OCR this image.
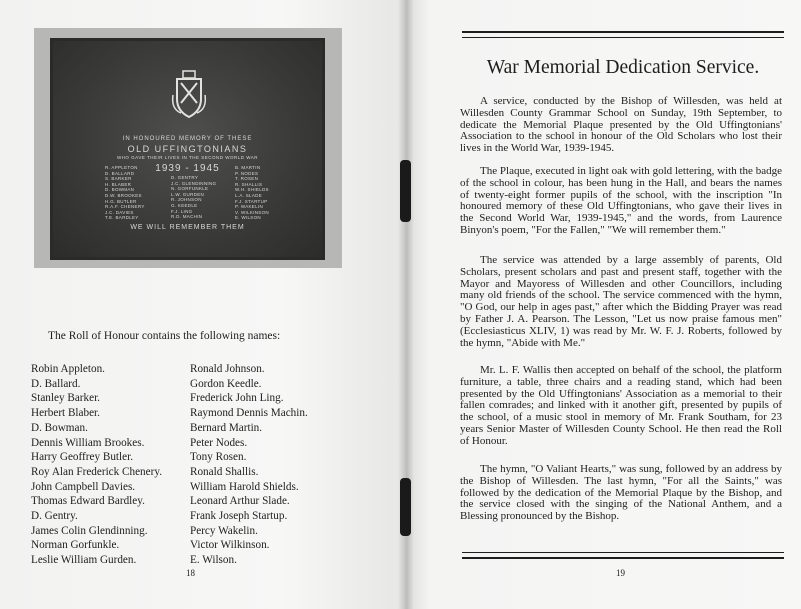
IN HONOURED MEMORY OF THESE
OLD UFFINGTONIANS
WHO GAVE THEIR LIVES IN THE SECOND WORLD WAR
1939 - 1945
R. APPLETON
D. BALLARD
S. BARKER
H. BLABER
D. BOWMAN
D.W. BROOKES
H.G. BUTLER
R.A.F. CHENERY
J.C. DAVIES
T.E. BARDLEY
D. GENTRY
J.C. GLENDINNING
N. GORFUNKLE
L.W. GURDEN
R. JOHNSON
G. KEEDLE
F.J. LING
R.D. MACHIN
B. MARTIN
P. NODES
T. ROSEN
R. SHALLIS
W.H. SHIELDS
L.A. SLADE
F.J. STARTUP
P. WAKELIN
V. WILKINSON
E. WILSON
WE WILL REMEMBER THEM
The Roll of Honour contains the following names:
Robin Appleton.
D. Ballard.
Stanley Barker.
Herbert Blaber.
D. Bowman.
Dennis William Brookes.
Harry Geoffrey Butler.
Roy Alan Frederick Chenery.
John Campbell Davies.
Thomas Edward Bardley.
D. Gentry.
James Colin Glendinning.
Norman Gorfunkle.
Leslie William Gurden.
Ronald Johnson.
Gordon Keedle.
Frederick John Ling.
Raymond Dennis Machin.
Bernard Martin.
Peter Nodes.
Tony Rosen.
Ronald Shallis.
William Harold Shields.
Leonard Arthur Slade.
Frank Joseph Startup.
Percy Wakelin.
Victor Wilkinson.
E. Wilson.
18
War Memorial Dedication Service.

A service, conducted by the Bishop of Willesden, was held at Willesden County Grammar School on Sunday, 19th September, to dedicate the Memorial Plaque presented by the Old Uffingtonians' Association to the school in honour of the Old Scholars who lost their lives in the World War, 1939-1945.

The Plaque, executed in light oak with gold lettering, with the badge of the school in colour, has been hung in the Hall, and bears the names of twenty-eight former pupils of the school, with the inscription "In honoured memory of these Old Uffingtonians, who gave their lives in the Second World War, 1939-1945," and the words, from Laurence Binyon's poem, "For the Fallen," "We will remember them."

The service was attended by a large assembly of parents, Old Scholars, present scholars and past and present staff, together with the Mayor and Mayoress of Willesden and other Councillors, including many old friends of the school. The service commenced with the hymn, "O God, our help in ages past," after which the Bidding Prayer was read by Father J. A. Pearson. The Lesson, "Let us now praise famous men" (Ecclesiasticus XLIV, 1) was read by Mr. W. F. J. Roberts, followed by the hymn, "Abide with Me."

Mr. L. F. Wallis then accepted on behalf of the school, the platform furniture, a table, three chairs and a reading stand, which had been presented by the Old Uffingtonians' Association as a memorial to their fallen comrades; and linked with it another gift, presented by pupils of the school, of a music stool in memory of Mr. Frank Southam, for 23 years Senior Master of Willesden County School. He then read the Roll of Honour.

The hymn, "O Valiant Hearts," was sung, followed by an address by the Bishop of Willesden. The last hymn, "For all the Saints," was followed by the dedication of the Memorial Plaque by the Bishop, and the service closed with the singing of the National Anthem, and a Blessing pronounced by the Bishop.

19
